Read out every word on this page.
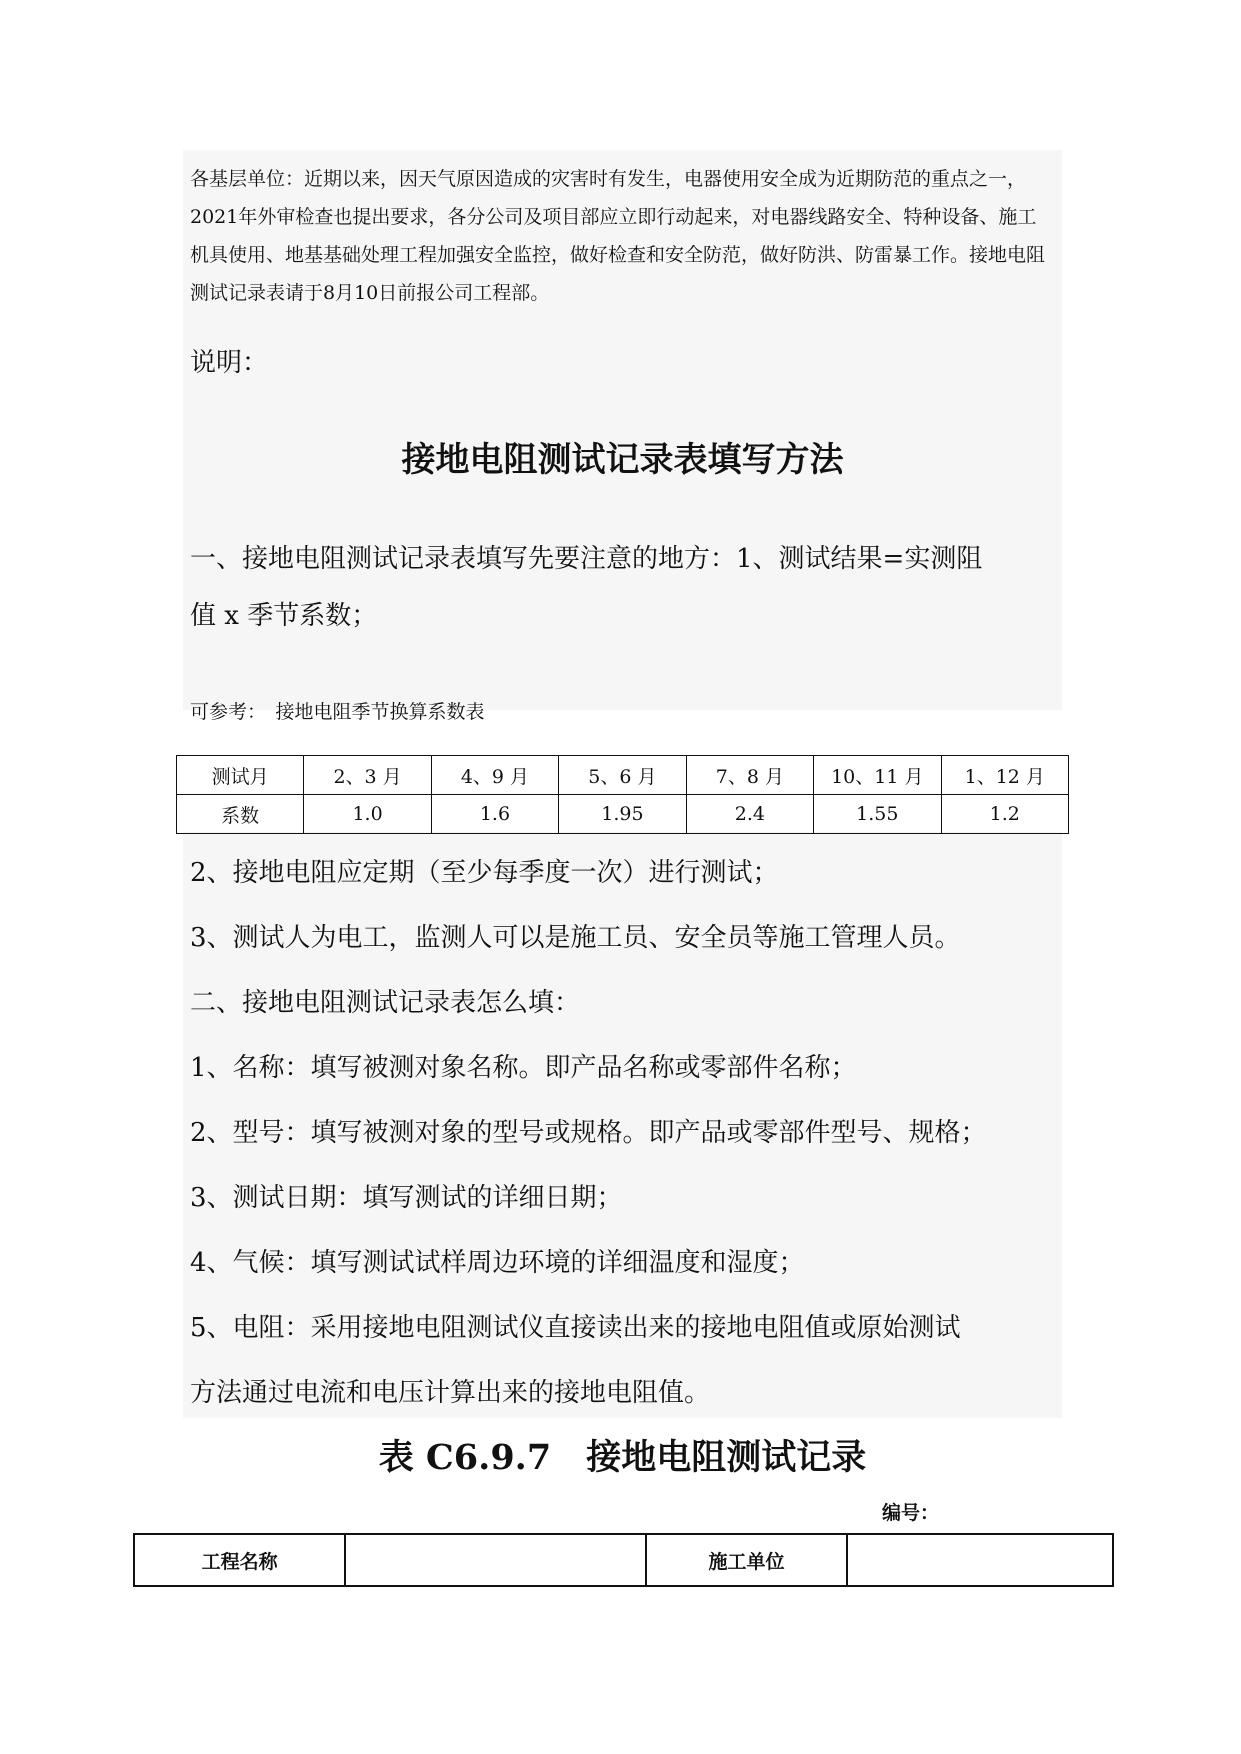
各基层单位：近期以来，因天气原因造成的灾害时有发生，电器使用安全成为近期防范的重点之一，2021年外审检查也提出要求，各分公司及项目部应立即行动起来，对电器线路安全、特种设备、施工机具使用、地基基础处理工程加强安全监控，做好检查和安全防范，做好防洪、防雷暴工作。接地电阻测试记录表请于8月10日前报公司工程部。
说明：
接地电阻测试记录表填写方法
一、接地电阻测试记录表填写先要注意的地方：1、测试结果=实测阻
值 x 季节系数；
可参考：　接地电阻季节换算系数表
测试月	2、3 月	4、9 月	5、6 月	7、8 月	10、11 月	1、12 月
系数	1.0	1.6	1.95	2.4	1.55	1.2
2、接地电阻应定期（至少每季度一次）进行测试；
3、测试人为电工，监测人可以是施工员、安全员等施工管理人员。
二、接地电阻测试记录表怎么填：
1、名称：填写被测对象名称。即产品名称或零部件名称；
2、型号：填写被测对象的型号或规格。即产品或零部件型号、规格；
3、测试日期：填写测试的详细日期；
4、气候：填写测试试样周边环境的详细温度和湿度；
5、电阻：采用接地电阻测试仪直接读出来的接地电阻值或原始测试
方法通过电流和电压计算出来的接地电阻值。
表 C6.9.7　接地电阻测试记录
编号：
工程名称		施工单位	
